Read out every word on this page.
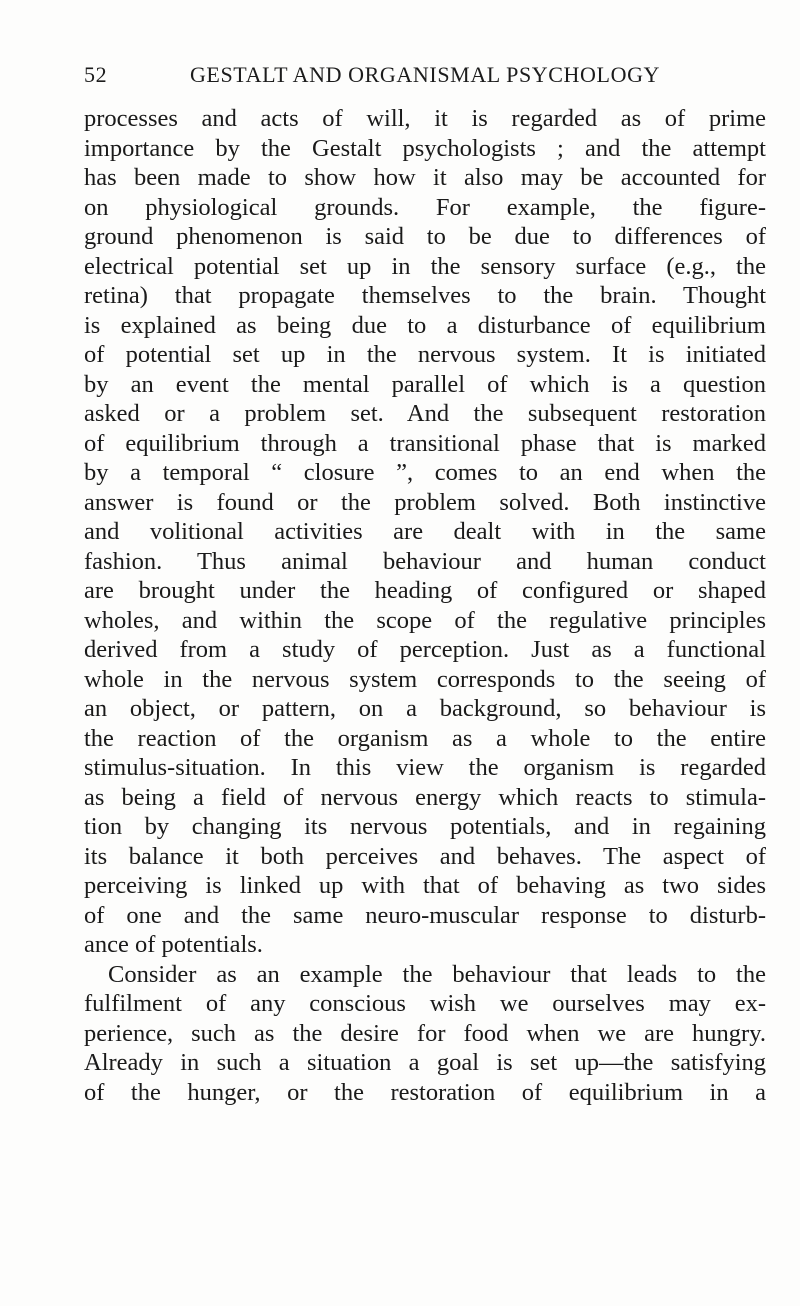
52	GESTALT AND ORGANISMAL PSYCHOLOGY
processes and acts of will, it is regarded as of prime
importance by the Gestalt psychologists ; and the attempt
has been made to show how it also may be accounted for
on physiological grounds. For example, the figure-
ground phenomenon is said to be due to differences of
electrical potential set up in the sensory surface (e.g., the
retina) that propagate themselves to the brain. Thought
is explained as being due to a disturbance of equilibrium
of potential set up in the nervous system. It is initiated
by an event the mental parallel of which is a question
asked or a problem set. And the subsequent restoration
of equilibrium through a transitional phase that is marked
by a temporal “ closure ”, comes to an end when the
answer is found or the problem solved. Both instinctive
and volitional activities are dealt with in the same
fashion. Thus animal behaviour and human conduct
are brought under the heading of configured or shaped
wholes, and within the scope of the regulative principles
derived from a study of perception. Just as a functional
whole in the nervous system corresponds to the seeing of
an object, or pattern, on a background, so behaviour is
the reaction of the organism as a whole to the entire
stimulus-situation. In this view the organism is regarded
as being a field of nervous energy which reacts to stimula-
tion by changing its nervous potentials, and in regaining
its balance it both perceives and behaves. The aspect of
perceiving is linked up with that of behaving as two sides
of one and the same neuro-muscular response to disturb-
ance of potentials.
Consider as an example the behaviour that leads to the
fulfilment of any conscious wish we ourselves may ex-
perience, such as the desire for food when we are hungry.
Already in such a situation a goal is set up—the satisfying
of the hunger, or the restoration of equilibrium in a
